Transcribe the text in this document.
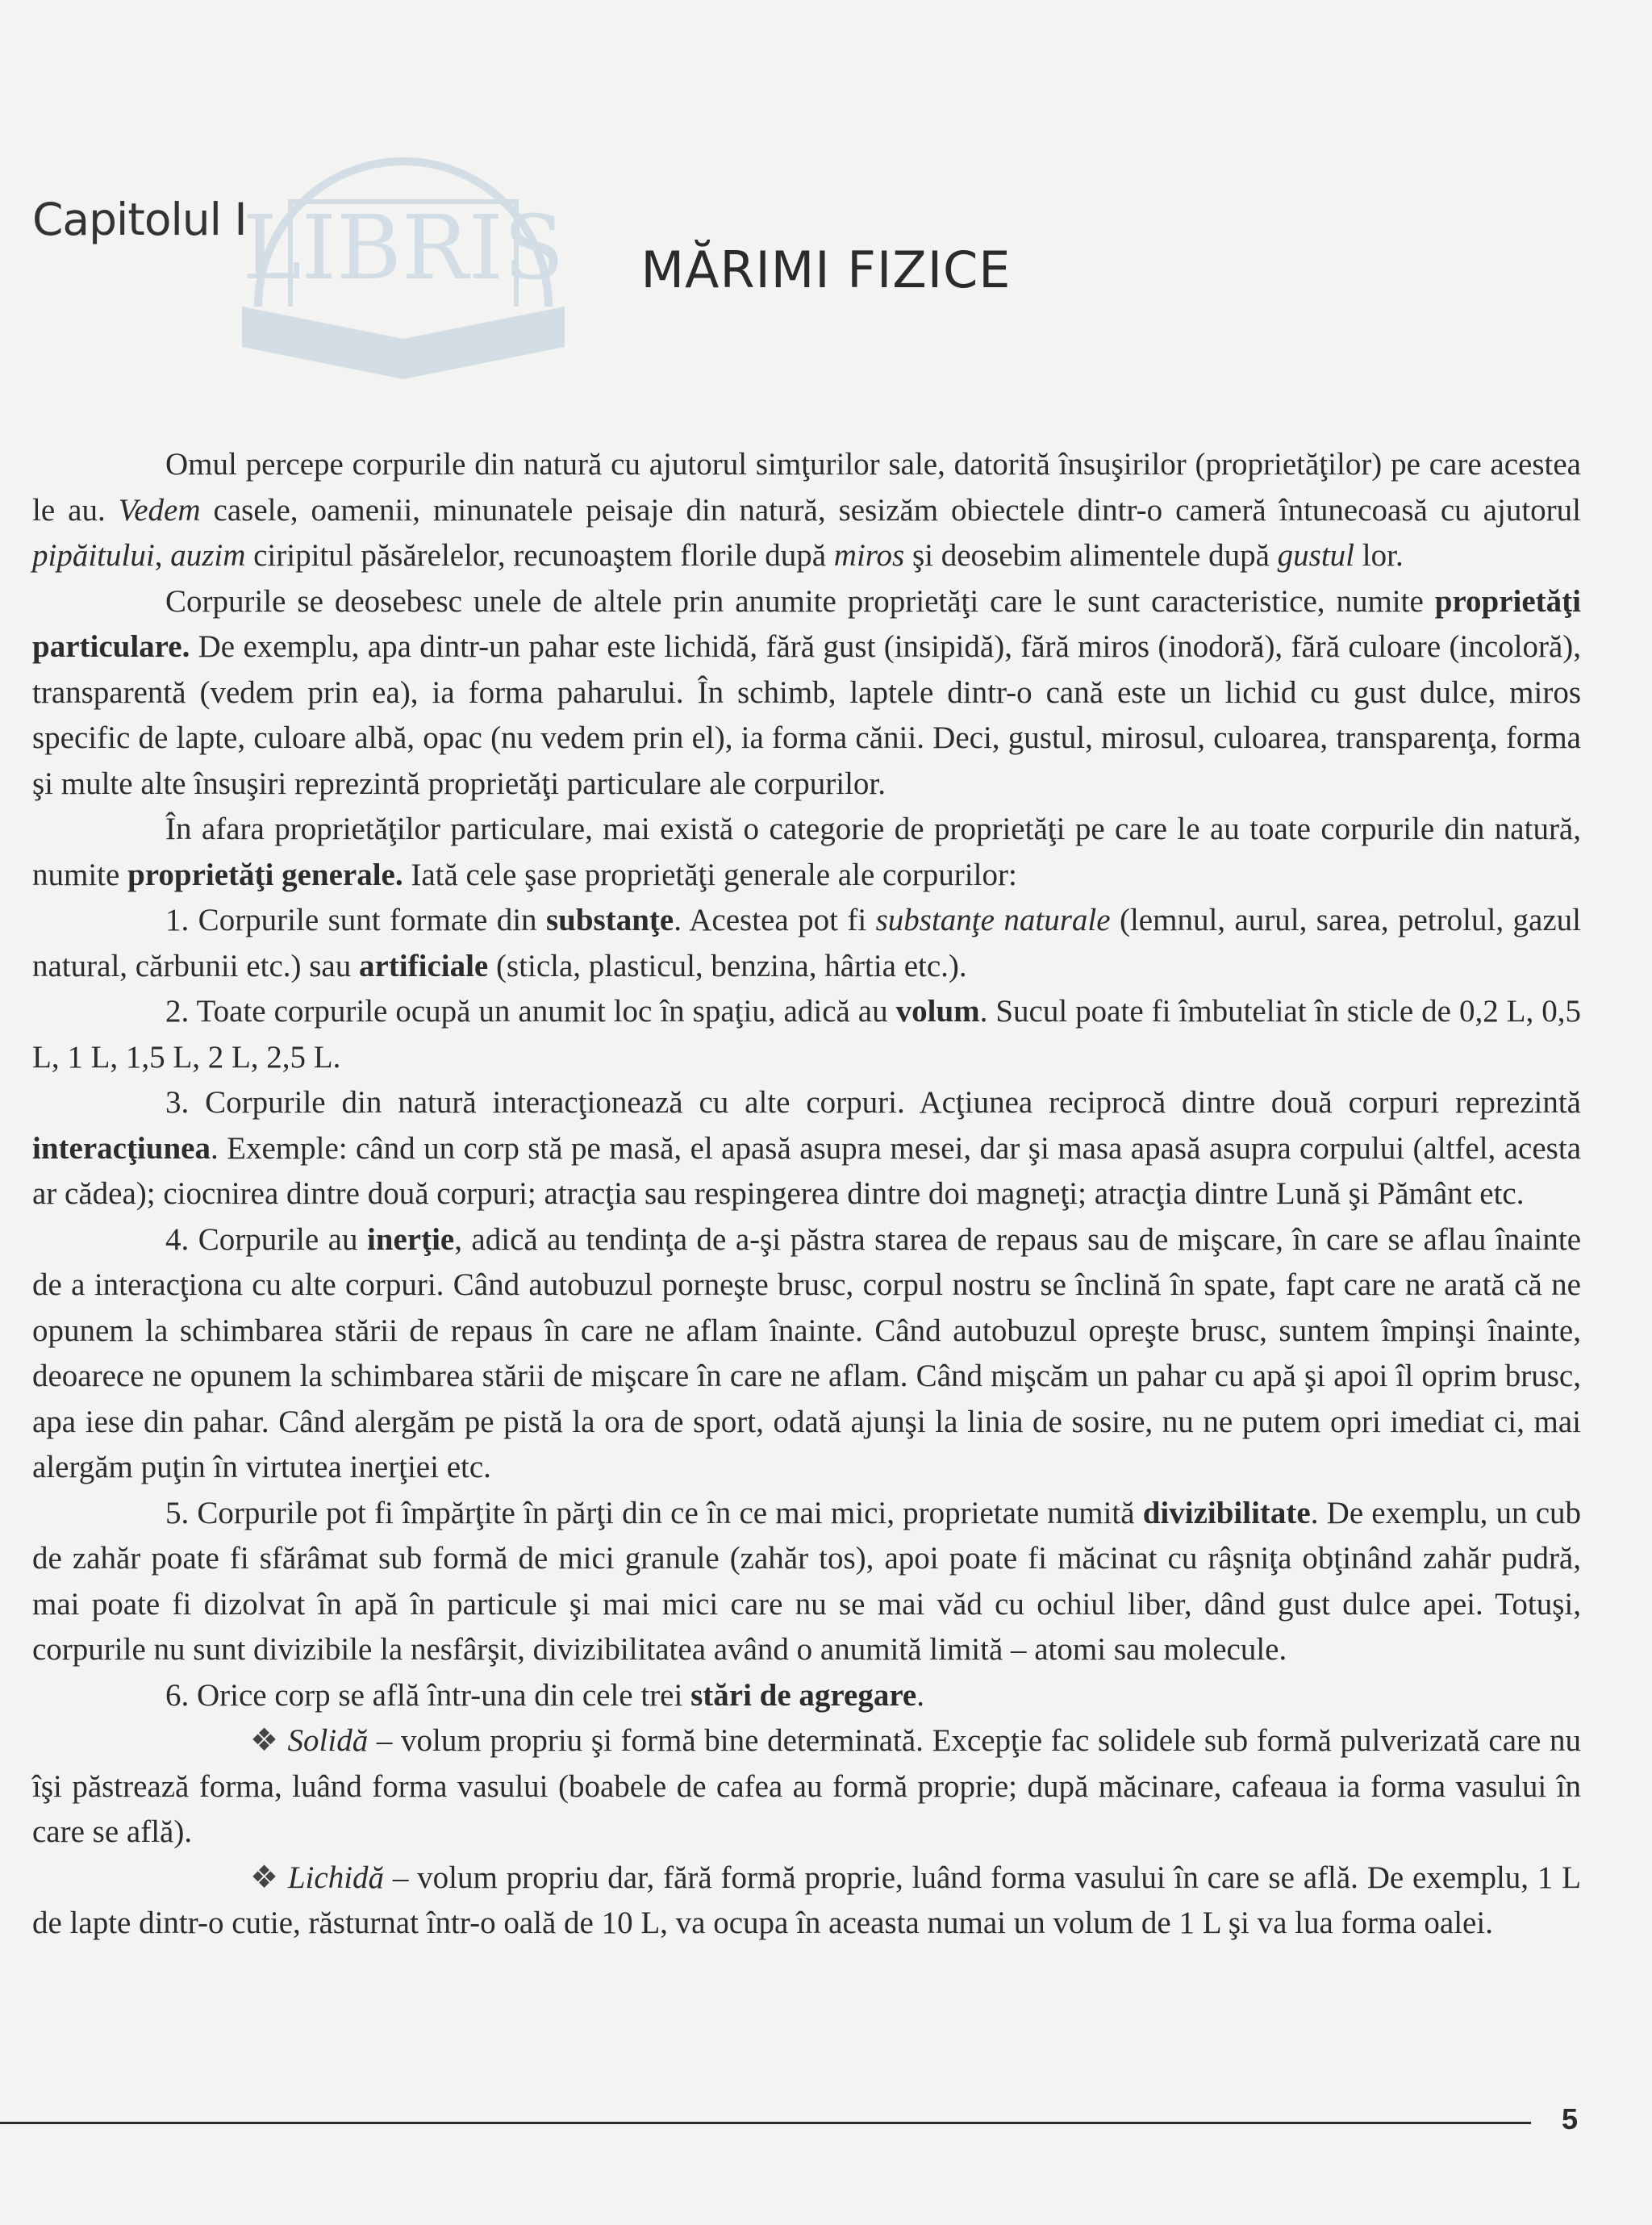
LIBRIS
Capitolul I
MĂRIMI FIZICE

Omul percepe corpurile din natură cu ajutorul simţurilor sale, datorită însuşirilor (proprietăţilor) pe care acestea le au. Vedem casele, oamenii, minunatele peisaje din natură, sesizăm obiectele dintr-o cameră întunecoasă cu ajutorul pipăitului, auzim ciripitul păsărelelor, recunoaştem florile după miros şi deosebim alimentele după gustul lor.

Corpurile se deosebesc unele de altele prin anumite proprietăţi care le sunt caracteristice, numite proprietăţi particulare. De exemplu, apa dintr-un pahar este lichidă, fără gust (insipidă), fără miros (inodoră), fără culoare (incoloră), transparentă (vedem prin ea), ia forma paharului. În schimb, laptele dintr-o cană este un lichid cu gust dulce, miros specific de lapte, culoare albă, opac (nu vedem prin el), ia forma cănii. Deci, gustul, mirosul, culoarea, transparenţa, forma şi multe alte însuşiri reprezintă proprietăţi particulare ale corpurilor.

În afara proprietăţilor particulare, mai există o categorie de proprietăţi pe care le au toate corpurile din natură, numite proprietăţi generale. Iată cele şase proprietăţi generale ale corpurilor:

1. Corpurile sunt formate din substanţe. Acestea pot fi substanţe naturale (lemnul, aurul, sarea, petrolul, gazul natural, cărbunii etc.) sau artificiale (sticla, plasticul, benzina, hârtia etc.).

2. Toate corpurile ocupă un anumit loc în spaţiu, adică au volum. Sucul poate fi îmbuteliat în sticle de 0,2 L, 0,5 L, 1 L, 1,5 L, 2 L, 2,5 L.

3. Corpurile din natură interacţionează cu alte corpuri. Acţiunea reciprocă dintre două corpuri reprezintă interacţiunea. Exemple: când un corp stă pe masă, el apasă asupra mesei, dar şi masa apasă asupra corpului (altfel, acesta ar cădea); ciocnirea dintre două corpuri; atracţia sau respingerea dintre doi magneţi; atracţia dintre Lună şi Pământ etc.

4. Corpurile au inerţie, adică au tendinţa de a-şi păstra starea de repaus sau de mişcare, în care se aflau înainte de a interacţiona cu alte corpuri. Când autobuzul porneşte brusc, corpul nostru se înclină în spate, fapt care ne arată că ne opunem la schimbarea stării de repaus în care ne aflam înainte. Când autobuzul opreşte brusc, suntem împinşi înainte, deoarece ne opunem la schimbarea stării de mişcare în care ne aflam. Când mişcăm un pahar cu apă şi apoi îl oprim brusc, apa iese din pahar. Când alergăm pe pistă la ora de sport, odată ajunşi la linia de sosire, nu ne putem opri imediat ci, mai alergăm puţin în virtutea inerţiei etc.

5. Corpurile pot fi împărţite în părţi din ce în ce mai mici, proprietate numită divizibilitate. De exemplu, un cub de zahăr poate fi sfărâmat sub formă de mici granule (zahăr tos), apoi poate fi măcinat cu râşniţa obţinând zahăr pudră, mai poate fi dizolvat în apă în particule şi mai mici care nu se mai văd cu ochiul liber, dând gust dulce apei. Totuşi, corpurile nu sunt divizibile la nesfârşit, divizibilitatea având o anumită limită – atomi sau molecule.

6. Orice corp se află într-una din cele trei stări de agregare.

❖ Solidă – volum propriu şi formă bine determinată. Excepţie fac solidele sub formă pulverizată care nu îşi păstrează forma, luând forma vasului (boabele de cafea au formă proprie; după măcinare, cafeaua ia forma vasului în care se află).

❖ Lichidă – volum propriu dar, fără formă proprie, luând forma vasului în care se află. De exemplu, 1 L de lapte dintr-o cutie, răsturnat într-o oală de 10 L, va ocupa în aceasta numai un volum de 1 L şi va lua forma oalei.

5
